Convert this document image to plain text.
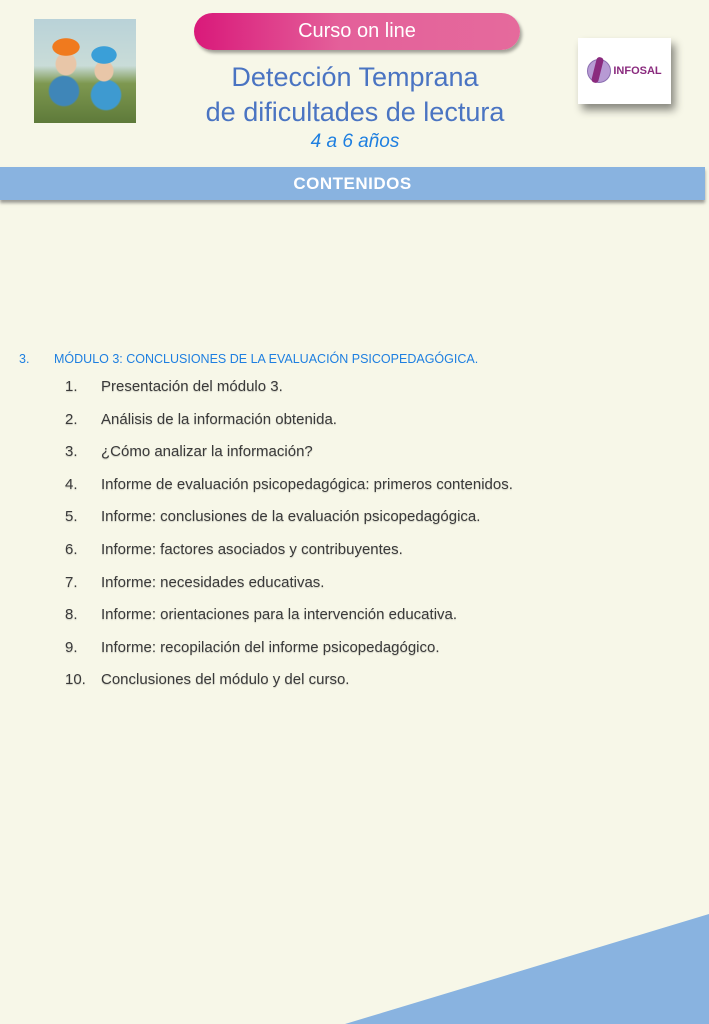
Curso on line
Detección Temprana
de dificultades de lectura
4 a 6 años
INFOSAL
CONTENIDOS
3.	MÓDULO 3: CONCLUSIONES DE LA EVALUACIÓN PSICOPEDAGÓGICA.
1.	Presentación del módulo 3.
2.	Análisis de la información obtenida.
3.	¿Cómo analizar la información?
4.	Informe de evaluación psicopedagógica: primeros contenidos.
5.	Informe: conclusiones de la evaluación psicopedagógica.
6.	Informe: factores asociados y contribuyentes.
7.	Informe: necesidades educativas.
8.	Informe: orientaciones para la intervención educativa.
9.	Informe: recopilación del informe psicopedagógico.
10.	Conclusiones del módulo y del curso.
